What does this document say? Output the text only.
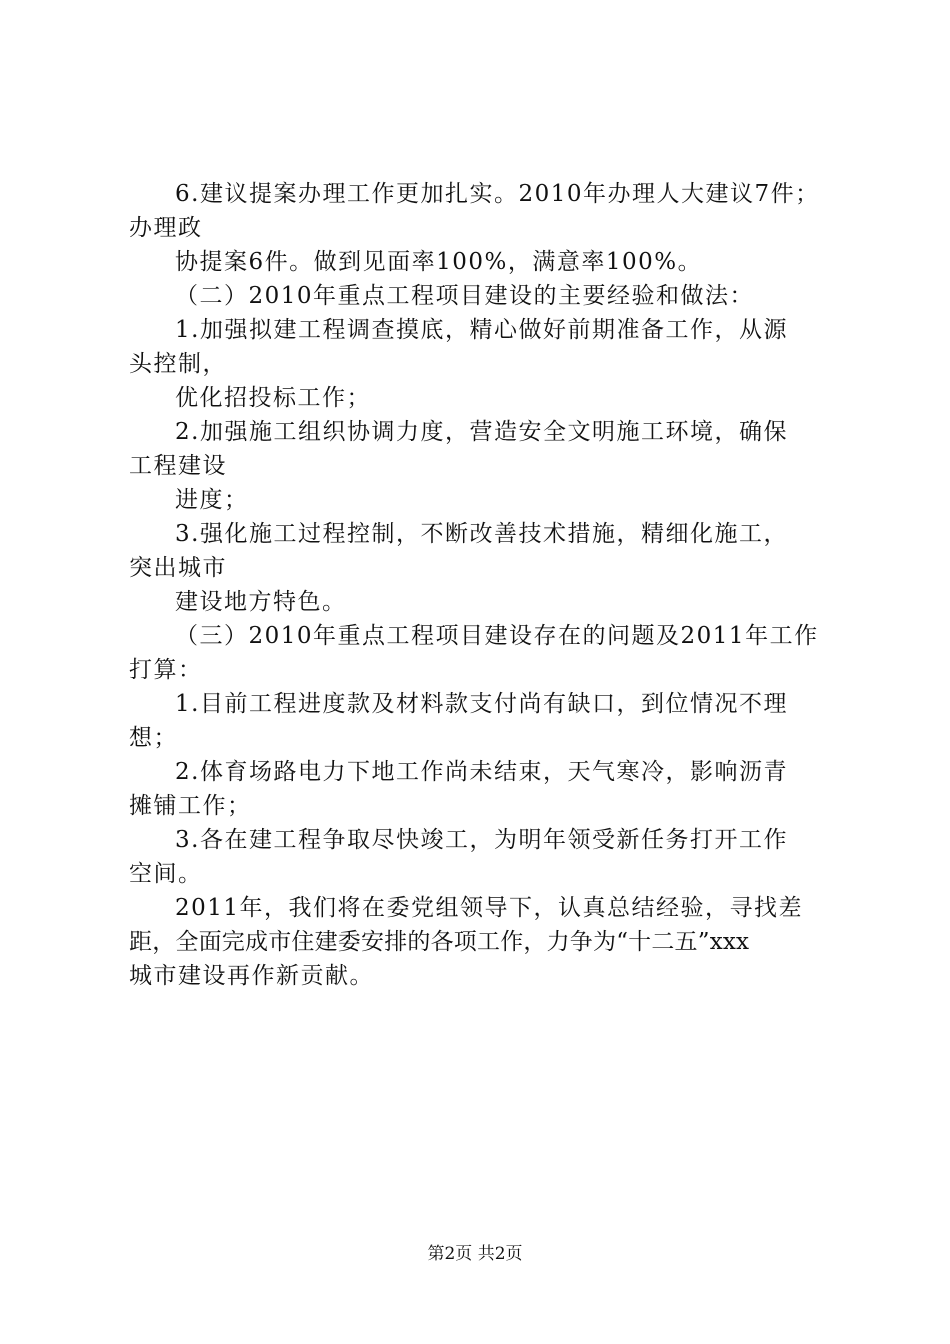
6.建议提案办理工作更加扎实。2010年办理人大建议7件；
办理政
协提案6件。做到见面率100%，满意率100%。
（二）2010年重点工程项目建设的主要经验和做法：
1.加强拟建工程调查摸底，精心做好前期准备工作，从源
头控制，
优化招投标工作；
2.加强施工组织协调力度，营造安全文明施工环境，确保
工程建设
进度；
3.强化施工过程控制，不断改善技术措施，精细化施工，
突出城市
建设地方特色。
（三）2010年重点工程项目建设存在的问题及2011年工作
打算：
1.目前工程进度款及材料款支付尚有缺口，到位情况不理
想；
2.体育场路电力下地工作尚未结束，天气寒冷，影响沥青
摊铺工作；
3.各在建工程争取尽快竣工，为明年领受新任务打开工作
空间。
2011年，我们将在委党组领导下，认真总结经验，寻找差
距，全面完成市住建委安排的各项工作，力争为“十二五”xxx
城市建设再作新贡献。
第2页 共2页
